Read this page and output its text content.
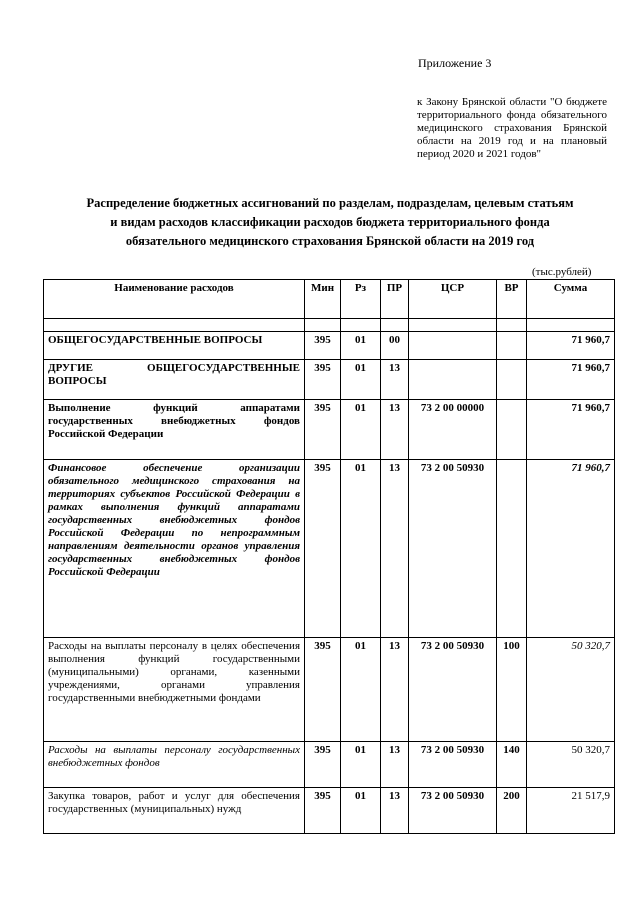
Приложение 3
к Закону Брянской области "О бюджете территориального фонда обязательного медицинского страхования Брянской области на 2019 год и на плановый период 2020 и 2021 годов"
Распределение бюджетных ассигнований по разделам, подразделам, целевым статьям
и видам расходов классификации расходов бюджета территориального фонда
обязательного медицинского страхования Брянской области на 2019 год
(тыс.рублей)
Наименование расходов	Мин	Рз	ПР	ЦСР	ВР	Сумма

ОБЩЕГОСУДАРСТВЕННЫЕ ВОПРОСЫ	395	01	00			71 960,7
ДРУГИЕ ОБЩЕГОСУДАРСТВЕННЫЕ ВОПРОСЫ	395	01	13			71 960,7
Выполнение функций аппаратами государственных внебюджетных фондов Российской Федерации	395	01	13	73 2 00 00000		71 960,7
Финансовое обеспечение организации обязательного медицинского страхования на территориях субъектов Российской Федерации в рамках выполнения функций аппаратами государственных внебюджетных фондов Российской Федерации по непрограммным направлениям деятельности органов управления государственных внебюджетных фондов Российской Федерации	395	01	13	73 2 00 50930		71 960,7
Расходы на выплаты персоналу в целях обеспечения выполнения функций государственными (муниципальными) органами, казенными учреждениями, органами управления государственными внебюджетными фондами	395	01	13	73 2 00 50930	100	50 320,7
Расходы на выплаты персоналу государственных внебюджетных фондов	395	01	13	73 2 00 50930	140	50 320,7
Закупка товаров, работ и услуг для обеспечения государственных (муниципальных) нужд	395	01	13	73 2 00 50930	200	21 517,9
